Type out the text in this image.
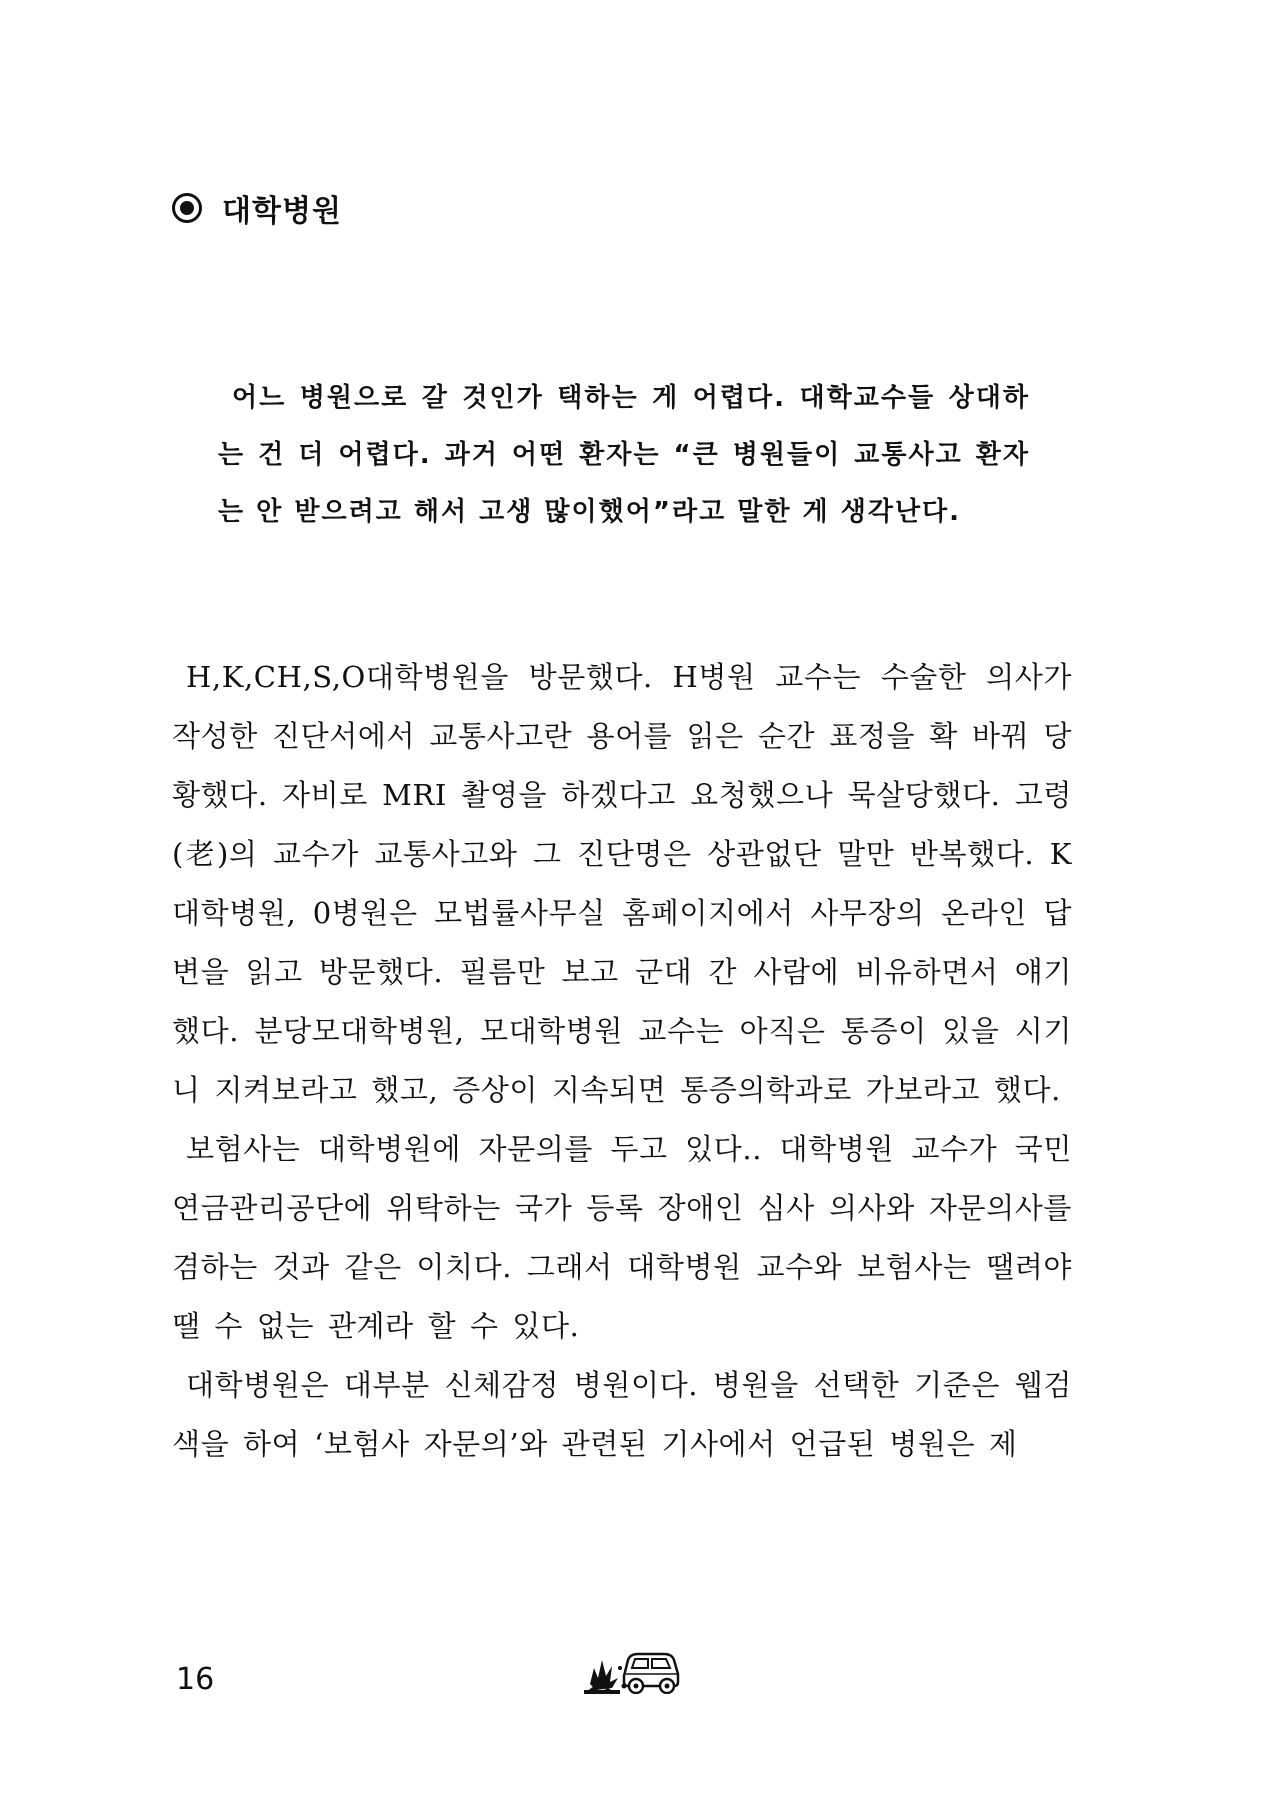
대학병원

어느 병원으로 갈 것인가 택하는 게 어렵다. 대학교수들 상대하는 건 더 어렵다. 과거 어떤 환자는 “큰 병원들이 교통사고 환자는 안 받으려고 해서 고생 많이했어”라고 말한 게 생각난다.

H,K,CH,S,O대학병원을 방문했다. H병원 교수는 수술한 의사가 작성한 진단서에서 교통사고란 용어를 읽은 순간 표정을 확 바꿔 당황했다. 자비로 MRI 촬영을 하겠다고 요청했으나 묵살당했다. 고령(老)의 교수가 교통사고와 그 진단명은 상관없단 말만 반복했다. K대학병원, 0병원은 모법률사무실 홈페이지에서 사무장의 온라인 답변을 읽고 방문했다. 필름만 보고 군대 간 사람에 비유하면서 얘기했다. 분당모대학병원, 모대학병원 교수는 아직은 통증이 있을 시기니 지켜보라고 했고, 증상이 지속되면 통증의학과로 가보라고 했다.

보험사는 대학병원에 자문의를 두고 있다.. 대학병원 교수가 국민연금관리공단에 위탁하는 국가 등록 장애인 심사 의사와 자문의사를 겸하는 것과 같은 이치다. 그래서 대학병원 교수와 보험사는 땔려야 땔 수 없는 관계라 할 수 있다.

대학병원은 대부분 신체감정 병원이다. 병원을 선택한 기준은 웹검색을 하여 ‘보험사 자문의’와 관련된 기사에서 언급된 병원은 제

16
